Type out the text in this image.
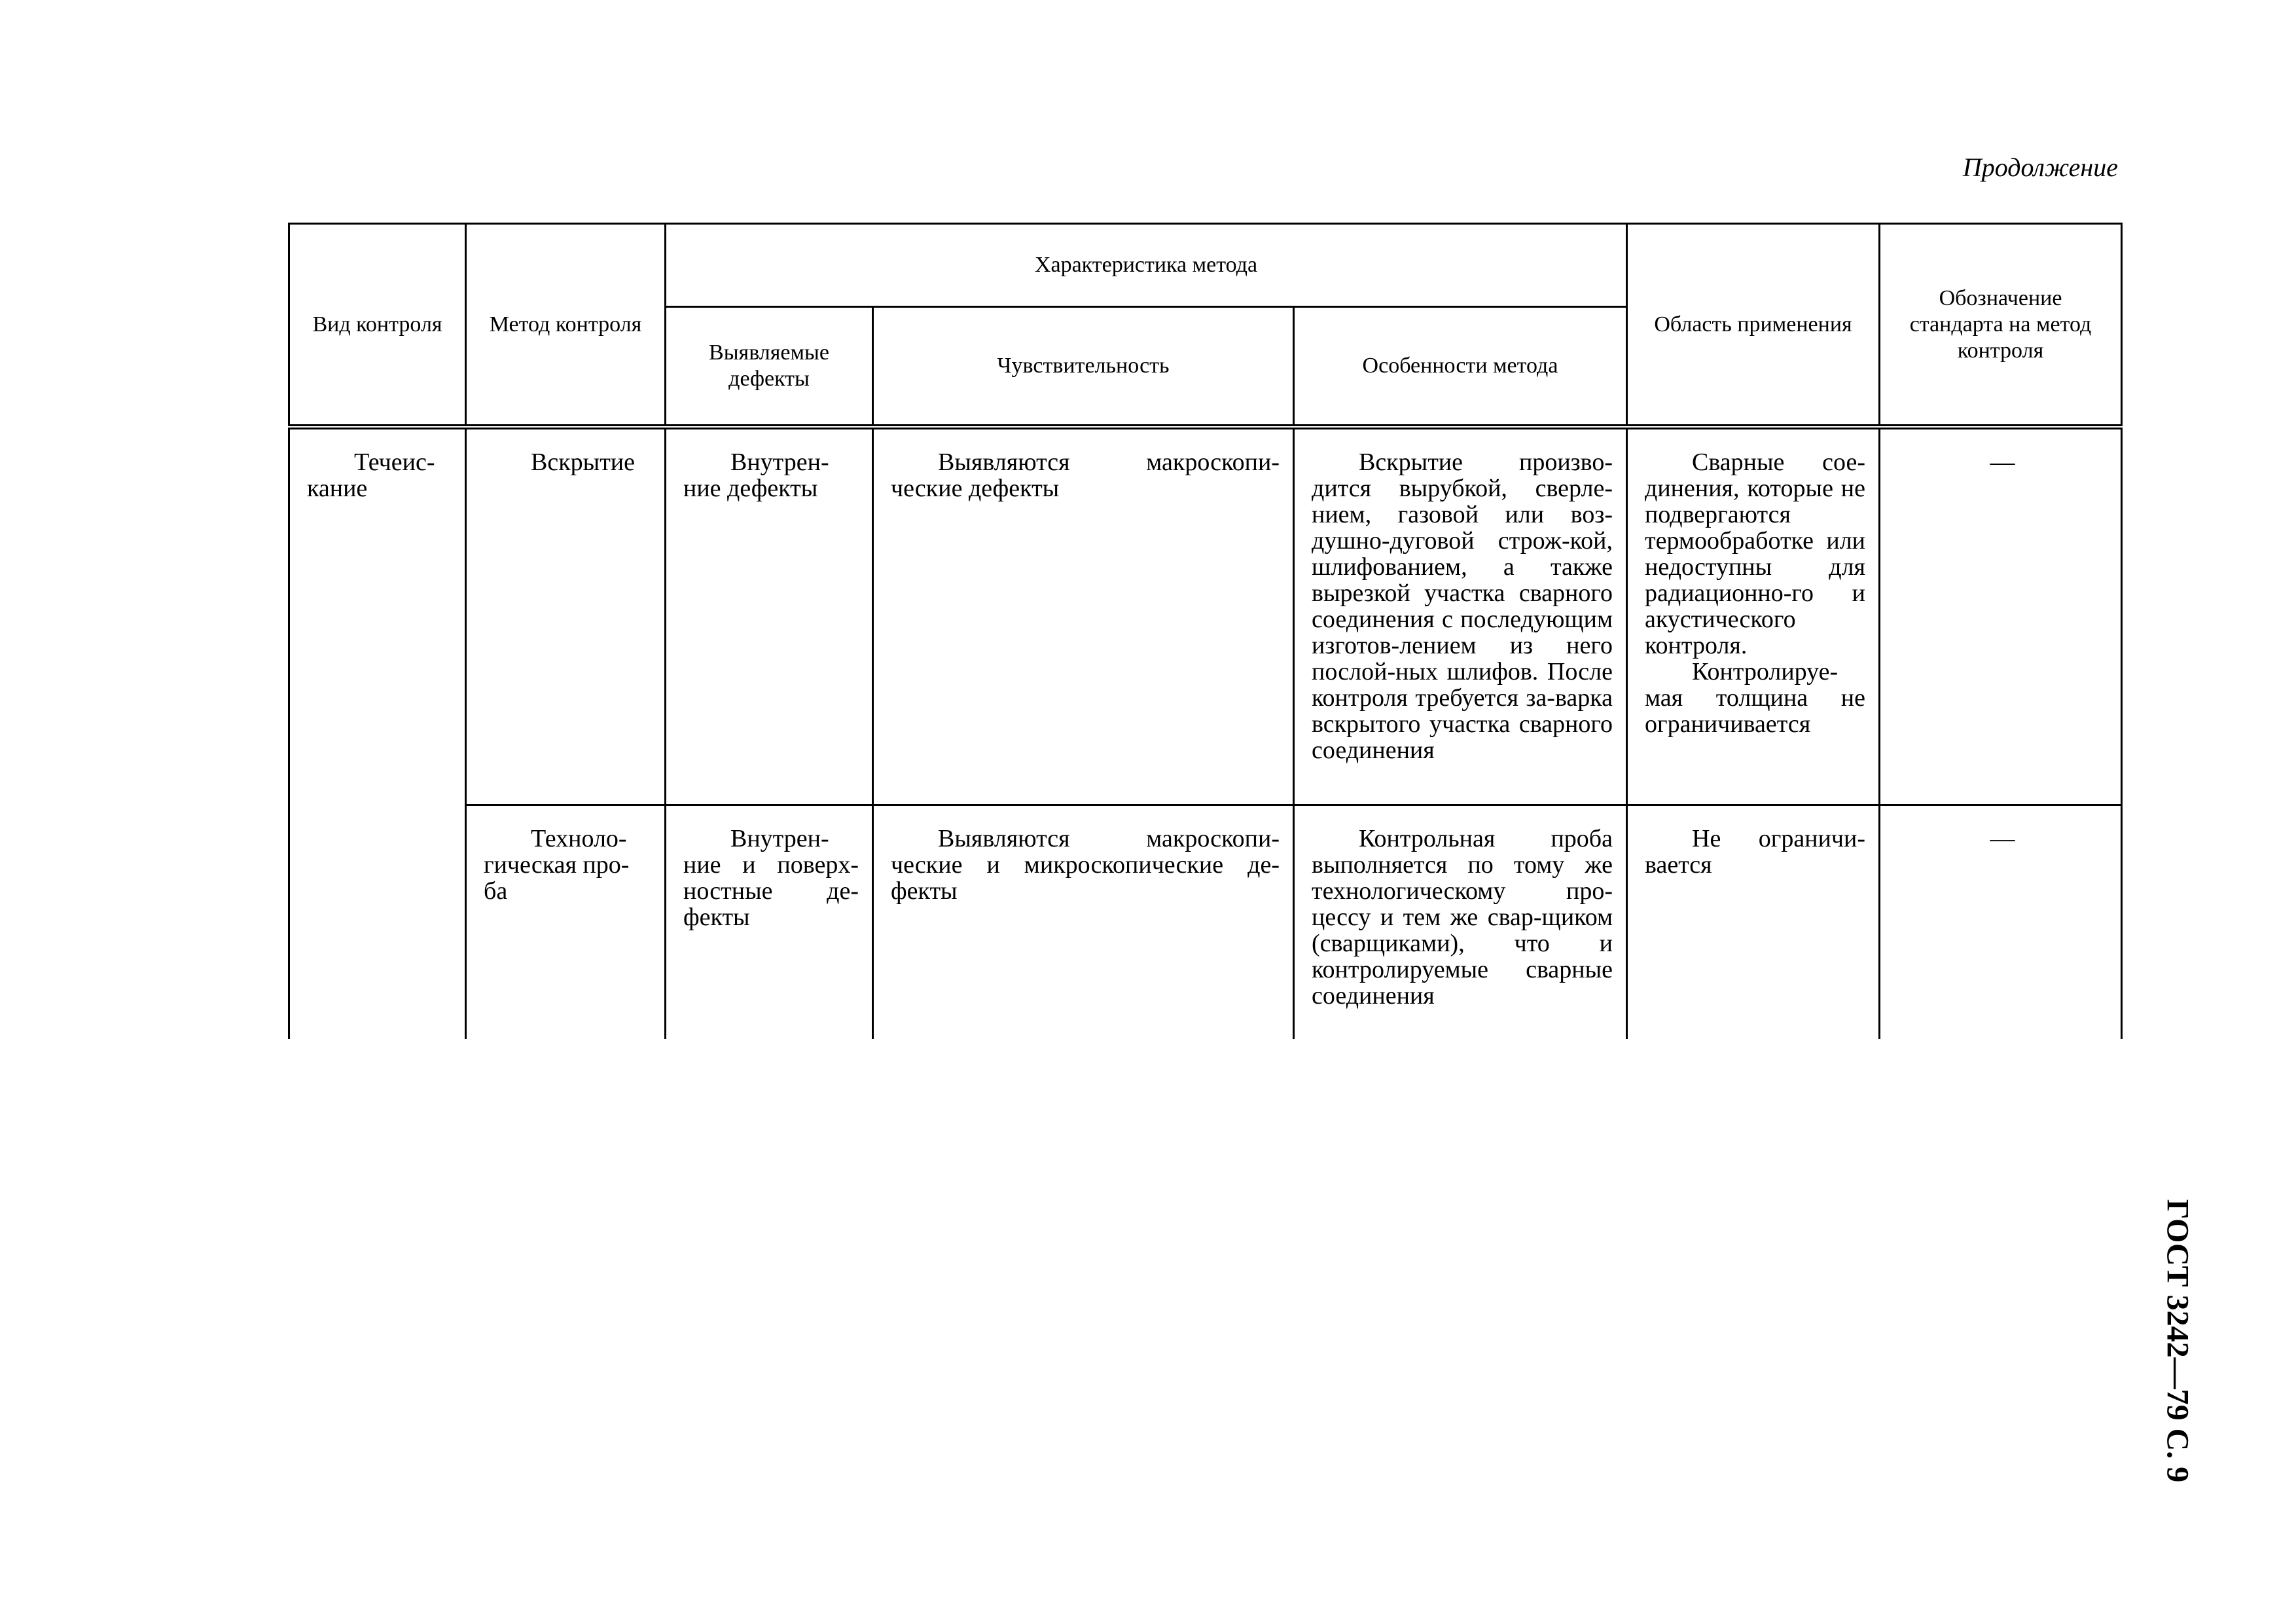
Продолжение
Вид контроля	Метод контроля	Характеристика метода			Область применения	Обозначение стандарта на метод контроля
		Выявляемые дефекты	Чувствительность	Особенности метода		

Течеис-кание	Вскрытие	Внутрен-ние дефекты	Выявляются макроскопи-ческие дефекты	Вскрытие произво-дится вырубкой, сверле-нием, газовой или воз-душно-дуговой строж-кой, шлифованием, а также вырезкой участка сварного соединения с последующим изготов-лением из него послой-ных шлифов. После контроля требуется за-варка вскрытого участка сварного соединения	Сварные сое-динения, которые не подвергаются термообработке или недоступны для радиационно-го и акустического контроля.
Контролируе-мая толщина не ограничивается	—

	Техноло-гическая про-ба	Внутрен-ние и поверх-ностные де-фекты	Выявляются макроскопи-ческие и микроскопические де-фекты	Контрольная проба выполняется по тому же технологическому про-цессу и тем же свар-щиком (сварщиками), что и контролируемые сварные соединения	Не ограничи-вается	—
ГОСТ 3242—79 С. 9
